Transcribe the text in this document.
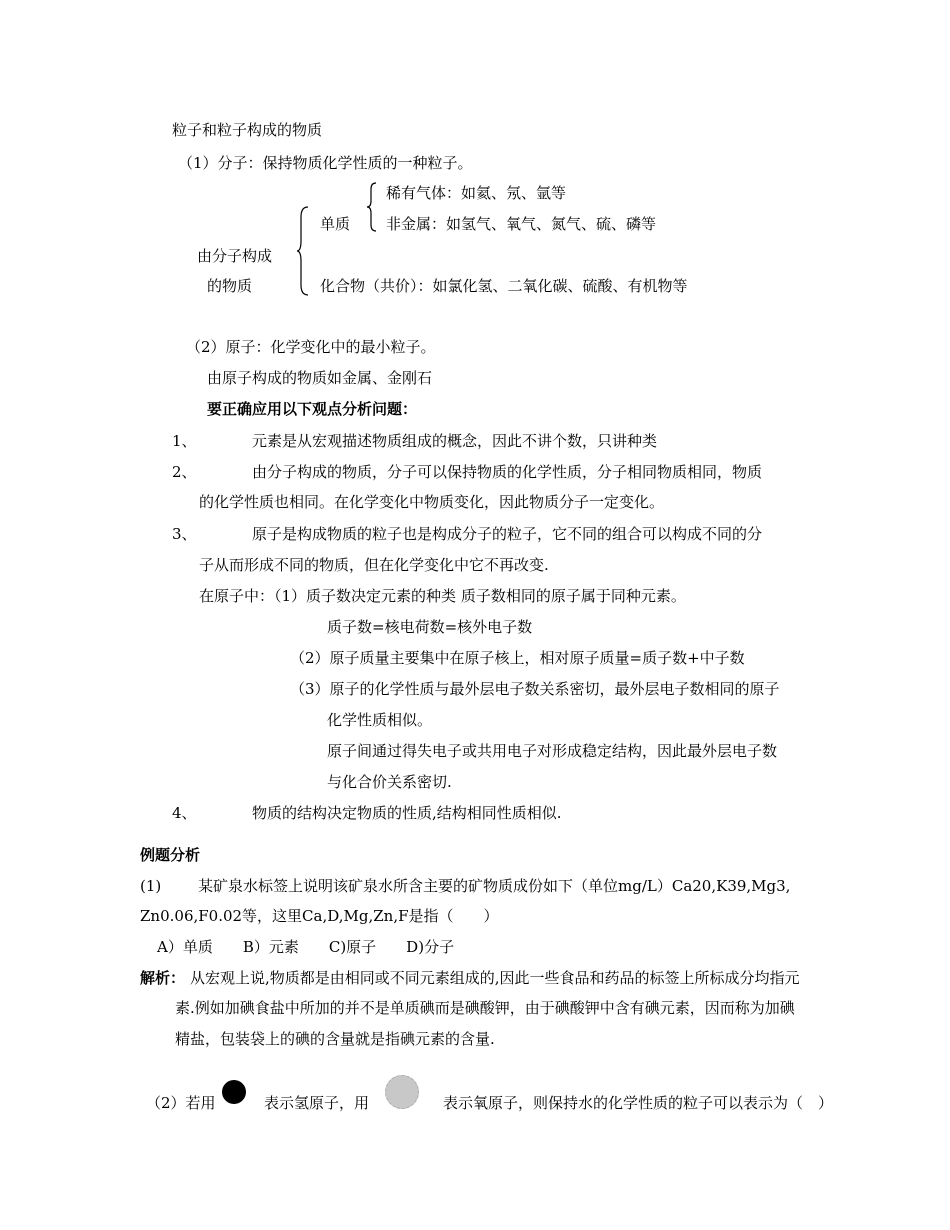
粒子和粒子构成的物质
（1）分子：保持物质化学性质的一种粒子。
稀有气体：如氦、氖、氩等
单质 非金属：如氢气、氧气、氮气、硫、磷等
由分子构成
的物质	化合物（共价）：如氯化氢、二氧化碳、硫酸、有机物等
（2）原子：化学变化中的最小粒子。
由原子构成的物质如金属、金刚石
要正确应用以下观点分析问题：
1、	元素是从宏观描述物质组成的概念，因此不讲个数，只讲种类
2、	由分子构成的物质，分子可以保持物质的化学性质，分子相同物质相同，物质
的化学性质也相同。在化学变化中物质变化，因此物质分子一定变化。
3、	原子是构成物质的粒子也是构成分子的粒子，它不同的组合可以构成不同的分
子从而形成不同的物质，但在化学变化中它不再改变.
在原子中：（1）质子数决定元素的种类 质子数相同的原子属于同种元素。
质子数=核电荷数=核外电子数
（2）原子质量主要集中在原子核上，相对原子质量=质子数+中子数
（3）原子的化学性质与最外层电子数关系密切，最外层电子数相同的原子
化学性质相似。
原子间通过得失电子或共用电子对形成稳定结构，因此最外层电子数
与化合价关系密切.
4、	物质的结构决定物质的性质,结构相同性质相似.
例题分析
(1) 某矿泉水标签上说明该矿泉水所含主要的矿物质成份如下（单位mg/L）Ca20,K39,Mg3,
Zn0.06,F0.02等，这里Ca,D,Mg,Zn,F是指（　　）
A）单质　　B）元素　　C)原子　　D)分子
解析： 从宏观上说,物质都是由相同或不同元素组成的,因此一些食品和药品的标签上所标成分均指元
素.例如加碘食盐中所加的并不是单质碘而是碘酸钾，由于碘酸钾中含有碘元素，因而称为加碘
精盐，包装袋上的碘的含量就是指碘元素的含量.
（2）若用	表示氢原子，用	表示氧原子，则保持水的化学性质的粒子可以表示为（　）
